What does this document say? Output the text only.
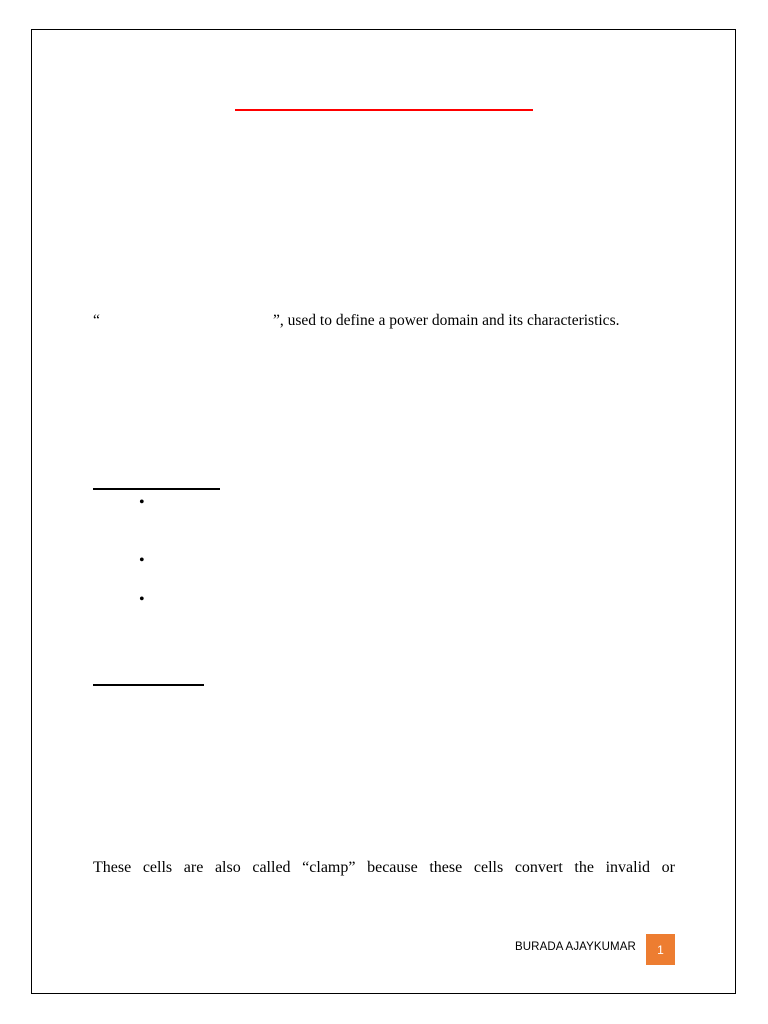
“	”, used to define a power domain and its characteristics.
•
•
•
These cells are also called “clamp” because these cells convert the invalid or
BURADA AJAYKUMAR 1
